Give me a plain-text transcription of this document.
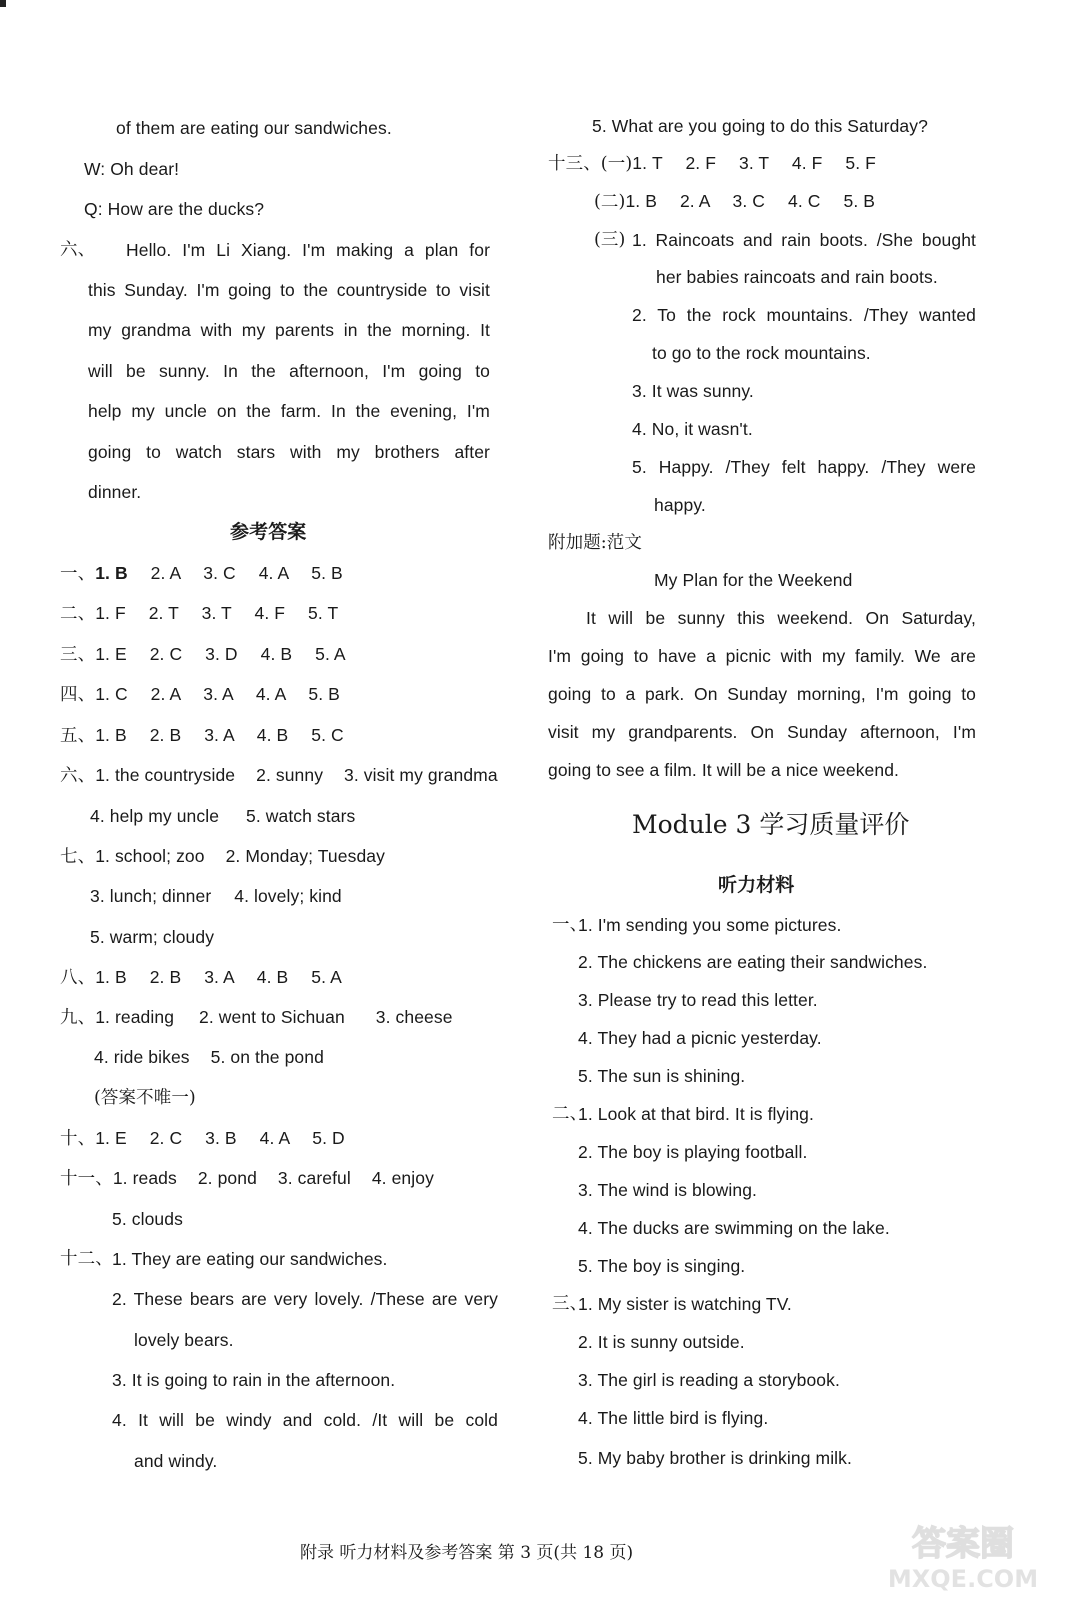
of them are eating our sandwiches.
W: Oh dear!
Q: How are the ducks?
六、 Hello. I'm Li Xiang. I'm making a plan for
this Sunday. I'm going to the countryside to visit
my grandma with my parents in the morning. It
will be sunny. In the afternoon, I'm going to
help my uncle on the farm. In the evening, I'm
going to watch stars with my brothers after
dinner.
参考答案
一、1. B 2. A 3. C 4. A 5. B
二、1. F 2. T 3. T 4. F 5. T
三、1. E 2. C 3. D 4. B 5. A
四、1. C 2. A 3. A 4. A 5. B
五、1. B 2. B 3. A 4. B 5. C
六、1. the countryside 2. sunny 3. visit my grandma
4. help my uncle 5. watch stars
七、1. school; zoo 2. Monday; Tuesday
3. lunch; dinner 4. lovely; kind
5. warm; cloudy
八、1. B 2. B 3. A 4. B 5. A
九、1. reading 2. went to Sichuan 3. cheese
4. ride bikes 5. on the pond
(答案不唯一)
十、1. E 2. C 3. B 4. A 5. D
十一、1. reads 2. pond 3. careful 4. enjoy
5. clouds
十二、 1. They are eating our sandwiches.
2. These bears are very lovely. /These are very
lovely bears.
3. It is going to rain in the afternoon.
4. It will be windy and cold. /It will be cold
and windy.
5. What are you going to do this Saturday?
十三、(一)1. T 2. F 3. T 4. F 5. F
(二)1. B 2. A 3. C 4. C 5. B
(三) 1. Raincoats and rain boots. /She bought
her babies raincoats and rain boots.
2. To the rock mountains. /They wanted
to go to the rock mountains.
3. It was sunny.
4. No, it wasn't.
5. Happy. /They felt happy. /They were
happy.
附加题:范文
My Plan for the Weekend
It will be sunny this weekend. On Saturday,
I'm going to have a picnic with my family. We are
going to a park. On Sunday morning, I'm going to
visit my grandparents. On Sunday afternoon, I'm
going to see a film. It will be a nice weekend.
Module 3 学习质量评价
听力材料
一、
1. I'm sending you some pictures.
2. The chickens are eating their sandwiches.
3. Please try to read this letter.
4. They had a picnic yesterday.
5. The sun is shining.
二、
1. Look at that bird. It is flying.
2. The boy is playing football.
3. The wind is blowing.
4. The ducks are swimming on the lake.
5. The boy is singing.
三、
1. My sister is watching TV.
2. It is sunny outside.
3. The girl is reading a storybook.
4. The little bird is flying.
5. My baby brother is drinking milk.
附录 听力材料及参考答案 第 3 页(共 18 页)	答案圈
MXQE.COM
